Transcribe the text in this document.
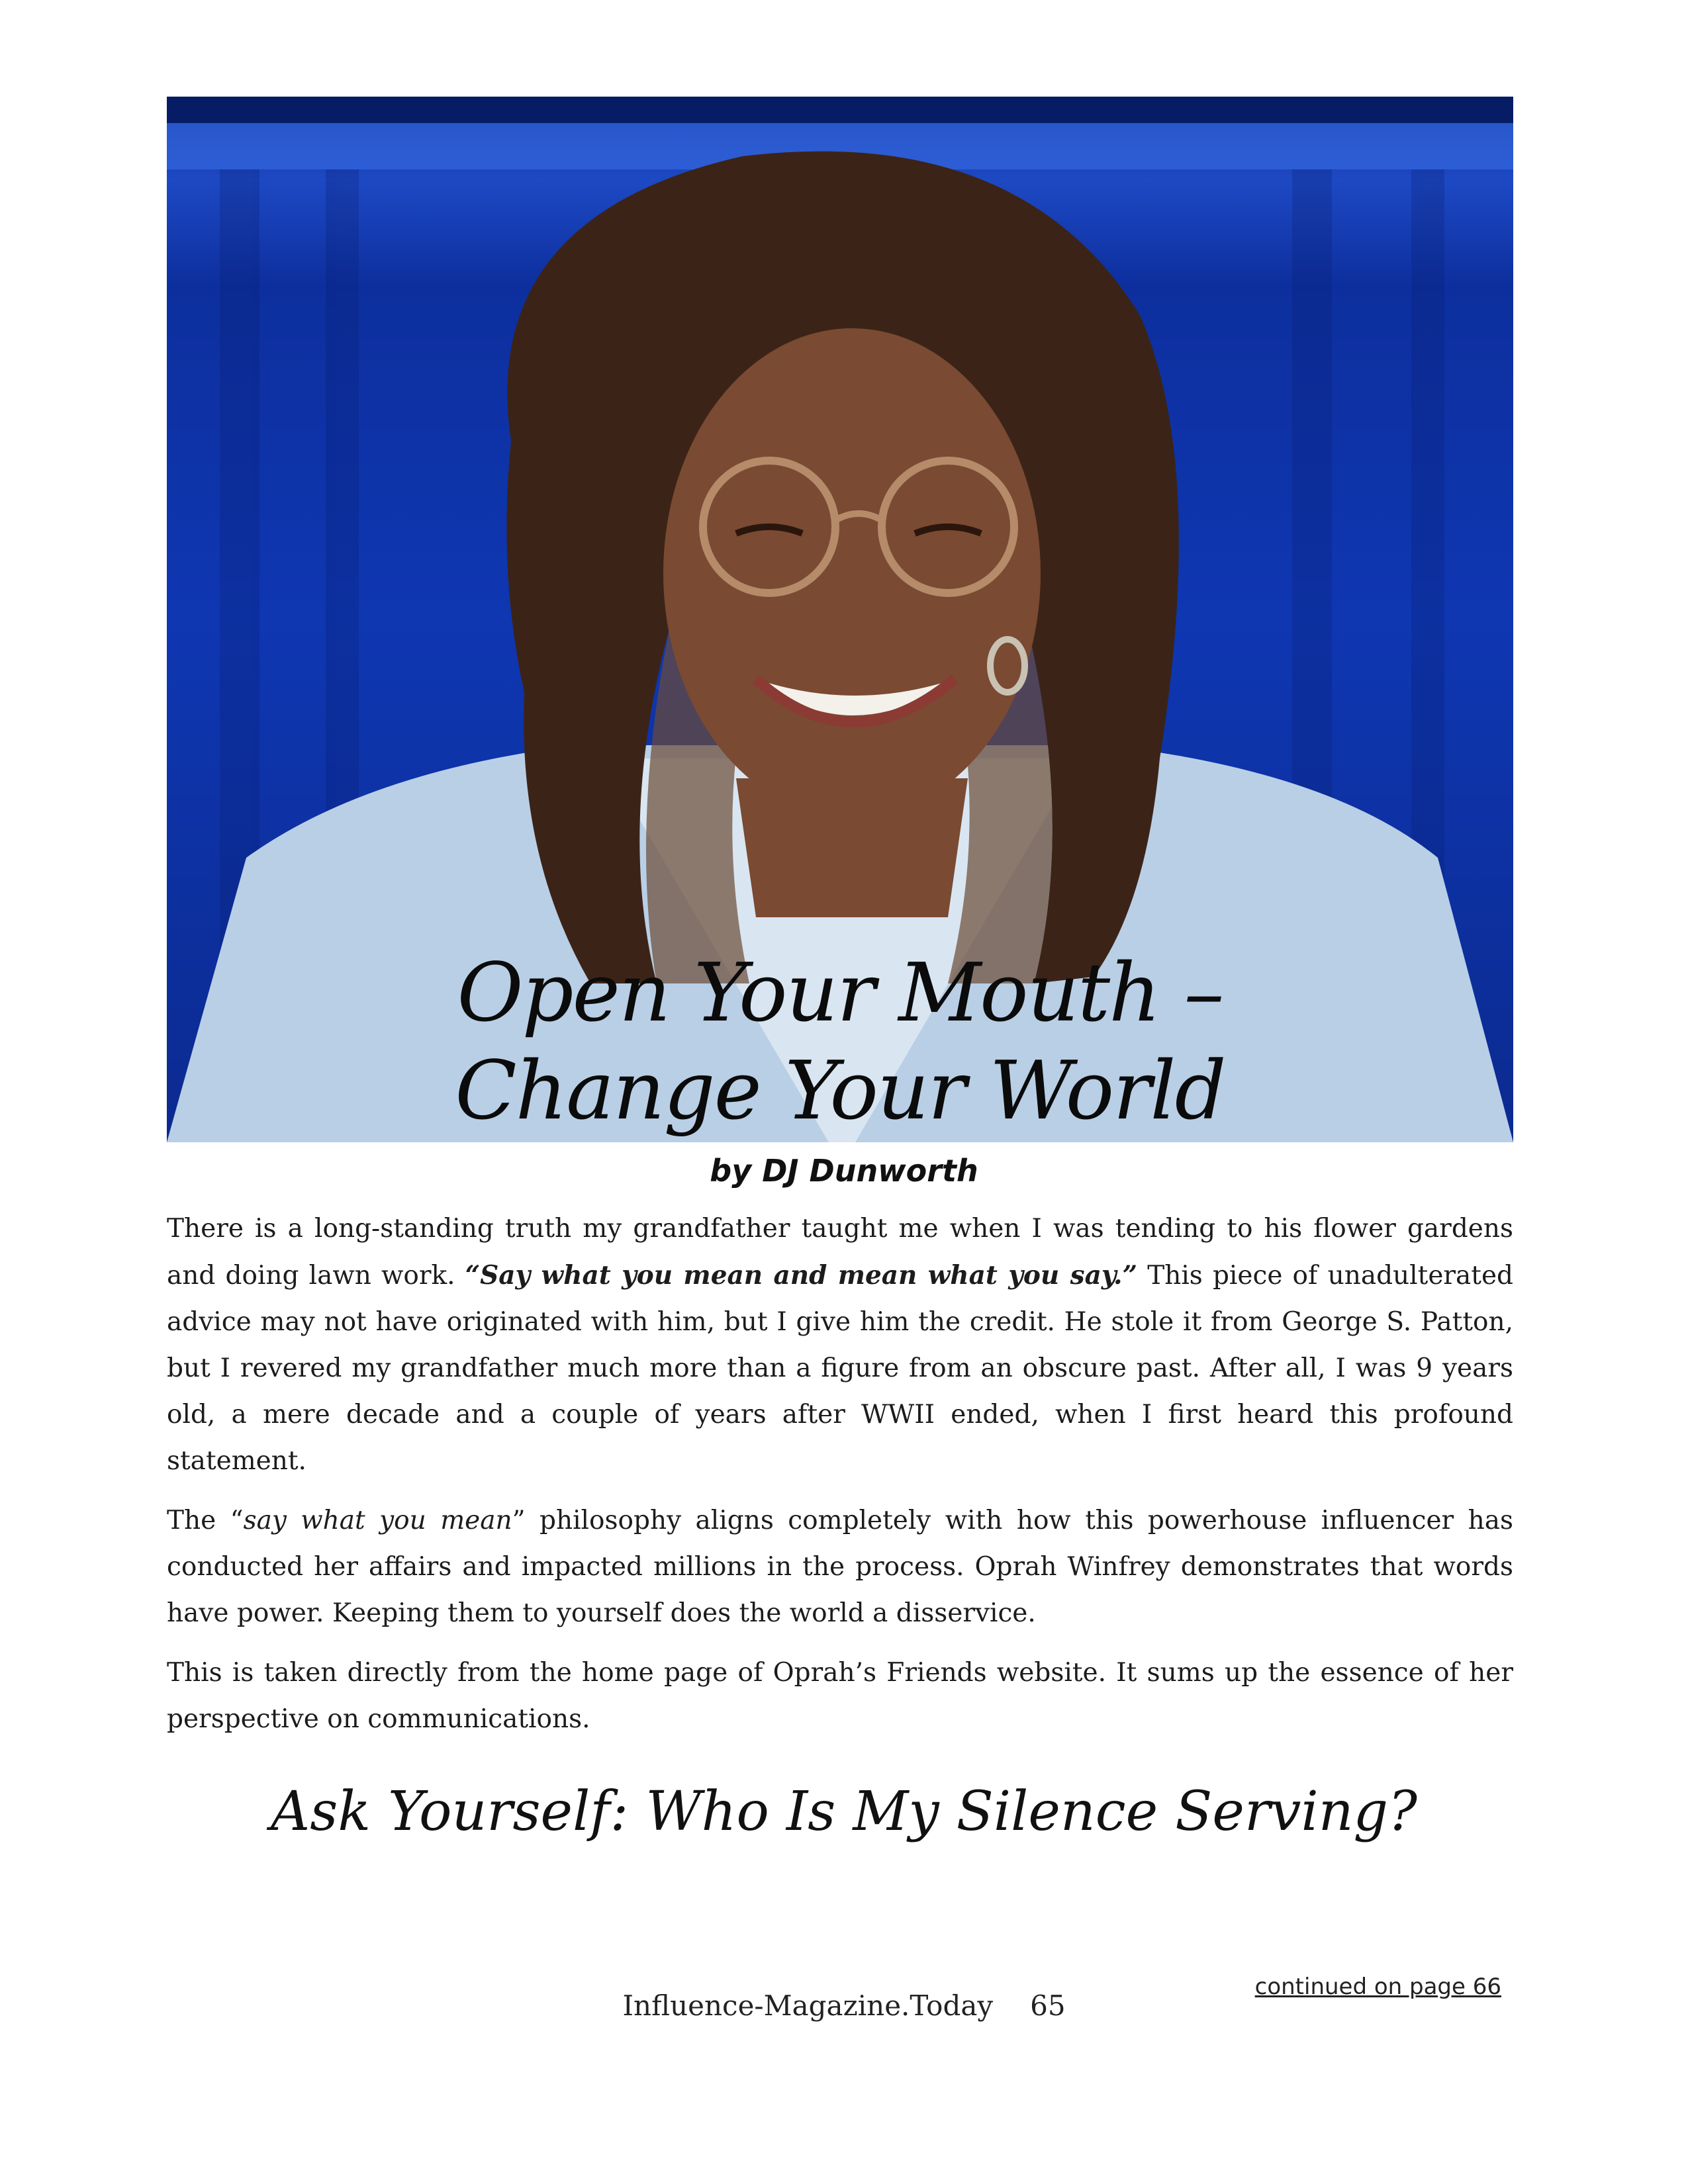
Open Your Mouth –
Change Your World
by DJ Dunworth

There is a long-standing truth my grandfather taught me when I was tending to his flower gardens and doing lawn work. “Say what you mean and mean what you say.” This piece of unadulterated advice may not have originated with him, but I give him the credit. He stole it from George S. Patton, but I revered my grandfather much more than a figure from an obscure past. After all, I was 9 years old, a mere decade and a couple of years after WWII ended, when I first heard this profound statement.

The “say what you mean” philosophy aligns completely with how this powerhouse influencer has conducted her affairs and impacted millions in the process. Oprah Winfrey demonstrates that words have power. Keeping them to yourself does the world a disservice.

This is taken directly from the home page of Oprah’s Friends website. It sums up the essence of her perspective on communications.

Ask Yourself: Who Is My Silence Serving?
continued on page 66
Influence-Magazine.Today 65
